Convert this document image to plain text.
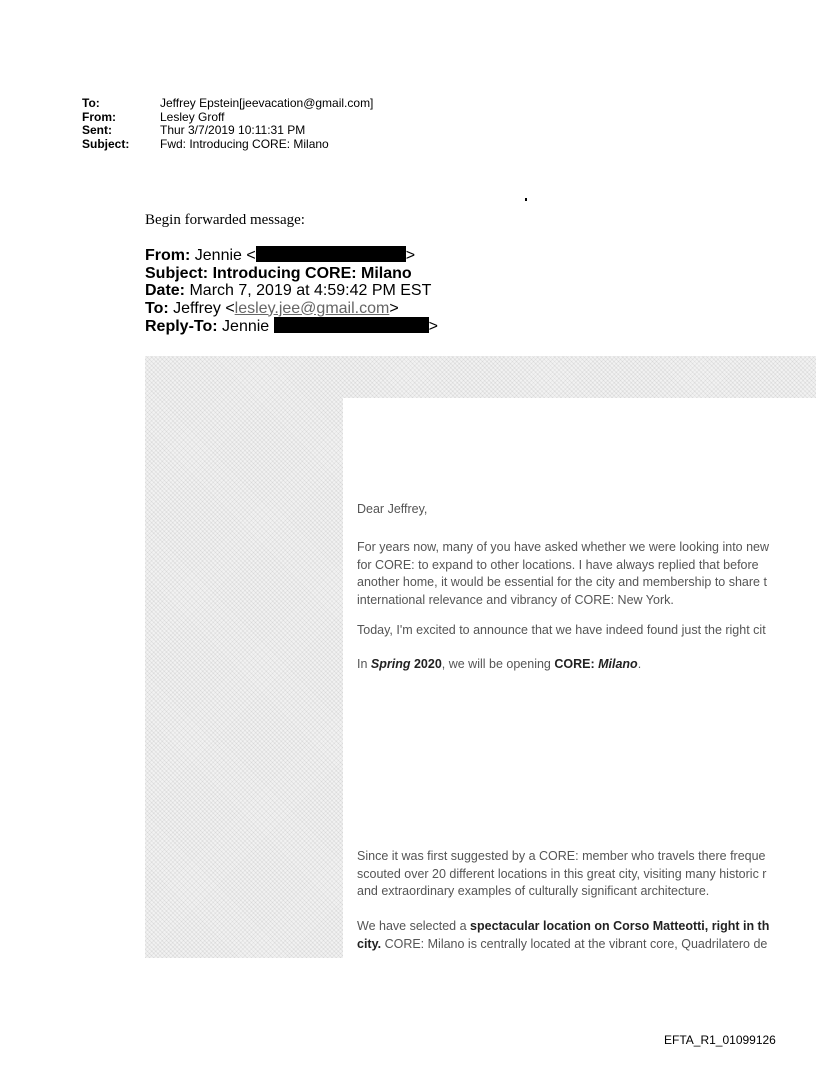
To:	Jeffrey Epstein[jeevacation@gmail.com]
From:	Lesley Groff
Sent:	Thur 3/7/2019 10:11:31 PM
Subject:	Fwd: Introducing CORE: Milano
Begin forwarded message:
From: Jennie <	>
Subject: Introducing CORE: Milano
Date: March 7, 2019 at 4:59:42 PM EST
To: Jeffrey <lesley.jee@gmail.com>
Reply-To: Jennie	>

Dear Jeffrey,

For years now, many of you have asked whether we were looking into new

for CORE: to expand to other locations. I have always replied that before

another home, it would be essential for the city and membership to share t

international relevance and vibrancy of CORE: New York.

Today, I'm excited to announce that we have indeed found just the right cit

In Spring 2020, we will be opening CORE: Milano.

Since it was first suggested by a CORE: member who travels there freque

scouted over 20 different locations in this great city, visiting many historic r

and extraordinary examples of culturally significant architecture.

We have selected a spectacular location on Corso Matteotti, right in th

city. CORE: Milano is centrally located at the vibrant core, Quadrilatero de

EFTA_R1_01099126
